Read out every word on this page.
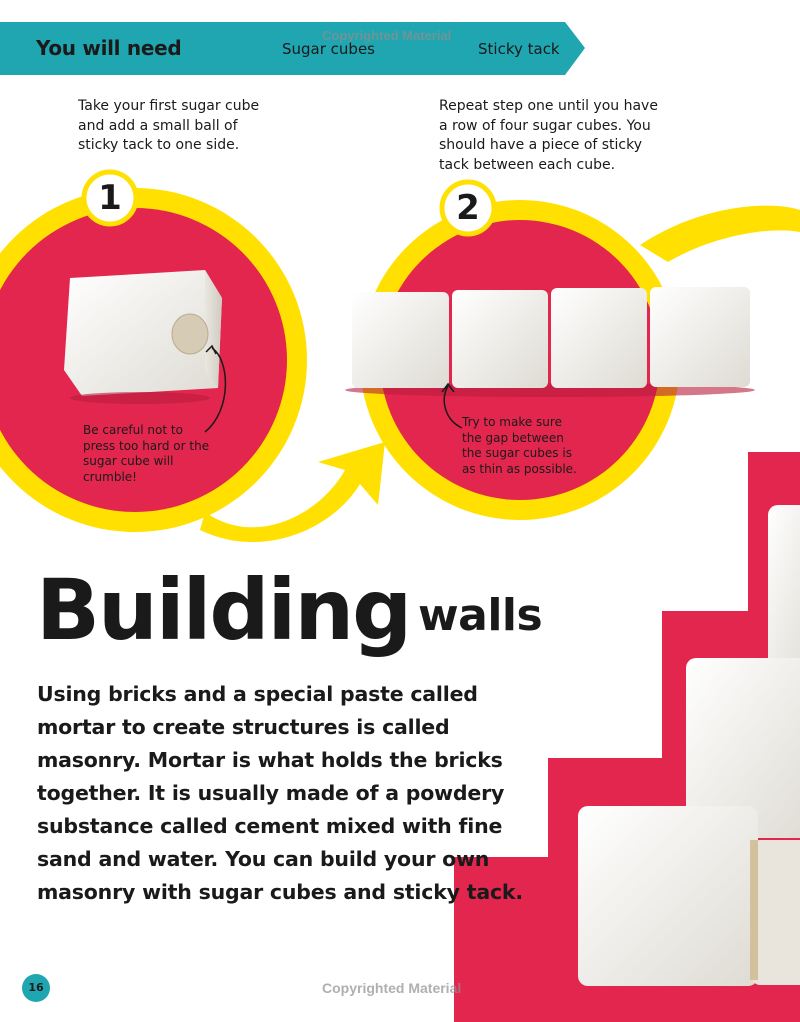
You will need	Sugar cubes	Sticky tack
Copyrighted Material
Take your first sugar cube and add a small ball of sticky tack to one side.
Repeat step one until you have a row of four sugar cubes. You should have a piece of sticky tack between each cube.
1	2
Be careful not to press too hard or the sugar cube will crumble!
Try to make sure the gap between the sugar cubes is as thin as possible.
Building walls
Using bricks and a special paste called mortar to create structures is called masonry. Mortar is what holds the bricks together. It is usually made of a powdery substance called cement mixed with fine sand and water. You can build your own masonry with sugar cubes and sticky tack.
16	Copyrighted Material
